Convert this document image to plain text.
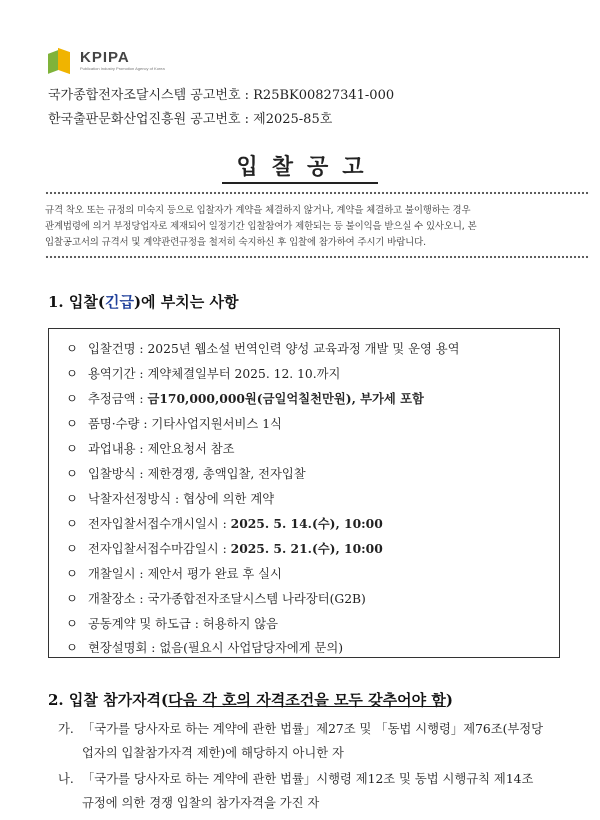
KPIPA
Publication Industry Promotion Agency of Korea
국가종합전자조달시스템 공고번호 : R25BK00827341-000
한국출판문화산업진흥원 공고번호 : 제2025-85호
입찰공고
규격 착오 또는 규정의 미숙지 등으로 입찰자가 계약을 체결하지 않거나, 계약을 체결하고 불이행하는 경우
관계법령에 의거 부정당업자로 제재되어 일정기간 입찰참여가 제한되는 등 불이익을 받으실 수 있사오니, 본
입찰공고서의 규격서 및 계약관련규정을 철저히 숙지하신 후 입찰에 참가하여 주시기 바랍니다.
1. 입찰(긴급)에 부치는 사항
ㅇ 입찰건명 : 2025년 웹소설 번역인력 양성 교육과정 개발 및 운영 용역
ㅇ 용역기간 : 계약체결일부터 2025. 12. 10.까지
ㅇ 추정금액 : 금170,000,000원(금일억칠천만원), 부가세 포함
ㅇ 품명·수량 : 기타사업지원서비스 1식
ㅇ 과업내용 : 제안요청서 참조
ㅇ 입찰방식 : 제한경쟁, 총액입찰, 전자입찰
ㅇ 낙찰자선정방식 : 협상에 의한 계약
ㅇ 전자입찰서접수개시일시 : 2025. 5. 14.(수), 10:00
ㅇ 전자입찰서접수마감일시 : 2025. 5. 21.(수), 10:00
ㅇ 개찰일시 : 제안서 평가 완료 후 실시
ㅇ 개찰장소 : 국가종합전자조달시스템 나라장터(G2B)
ㅇ 공동계약 및 하도급 : 허용하지 않음
ㅇ 현장설명회 : 없음(필요시 사업담당자에게 문의)
2. 입찰 참가자격(다음 각 호의 자격조건을 모두 갖추어야 함)
가. 「국가를 당사자로 하는 계약에 관한 법률」제27조 및 「동법 시행령」제76조(부정당
업자의 입찰참가자격 제한)에 해당하지 아니한 자
나. 「국가를 당사자로 하는 계약에 관한 법률」시행령 제12조 및 동법 시행규칙 제14조
규정에 의한 경쟁 입찰의 참가자격을 가진 자
